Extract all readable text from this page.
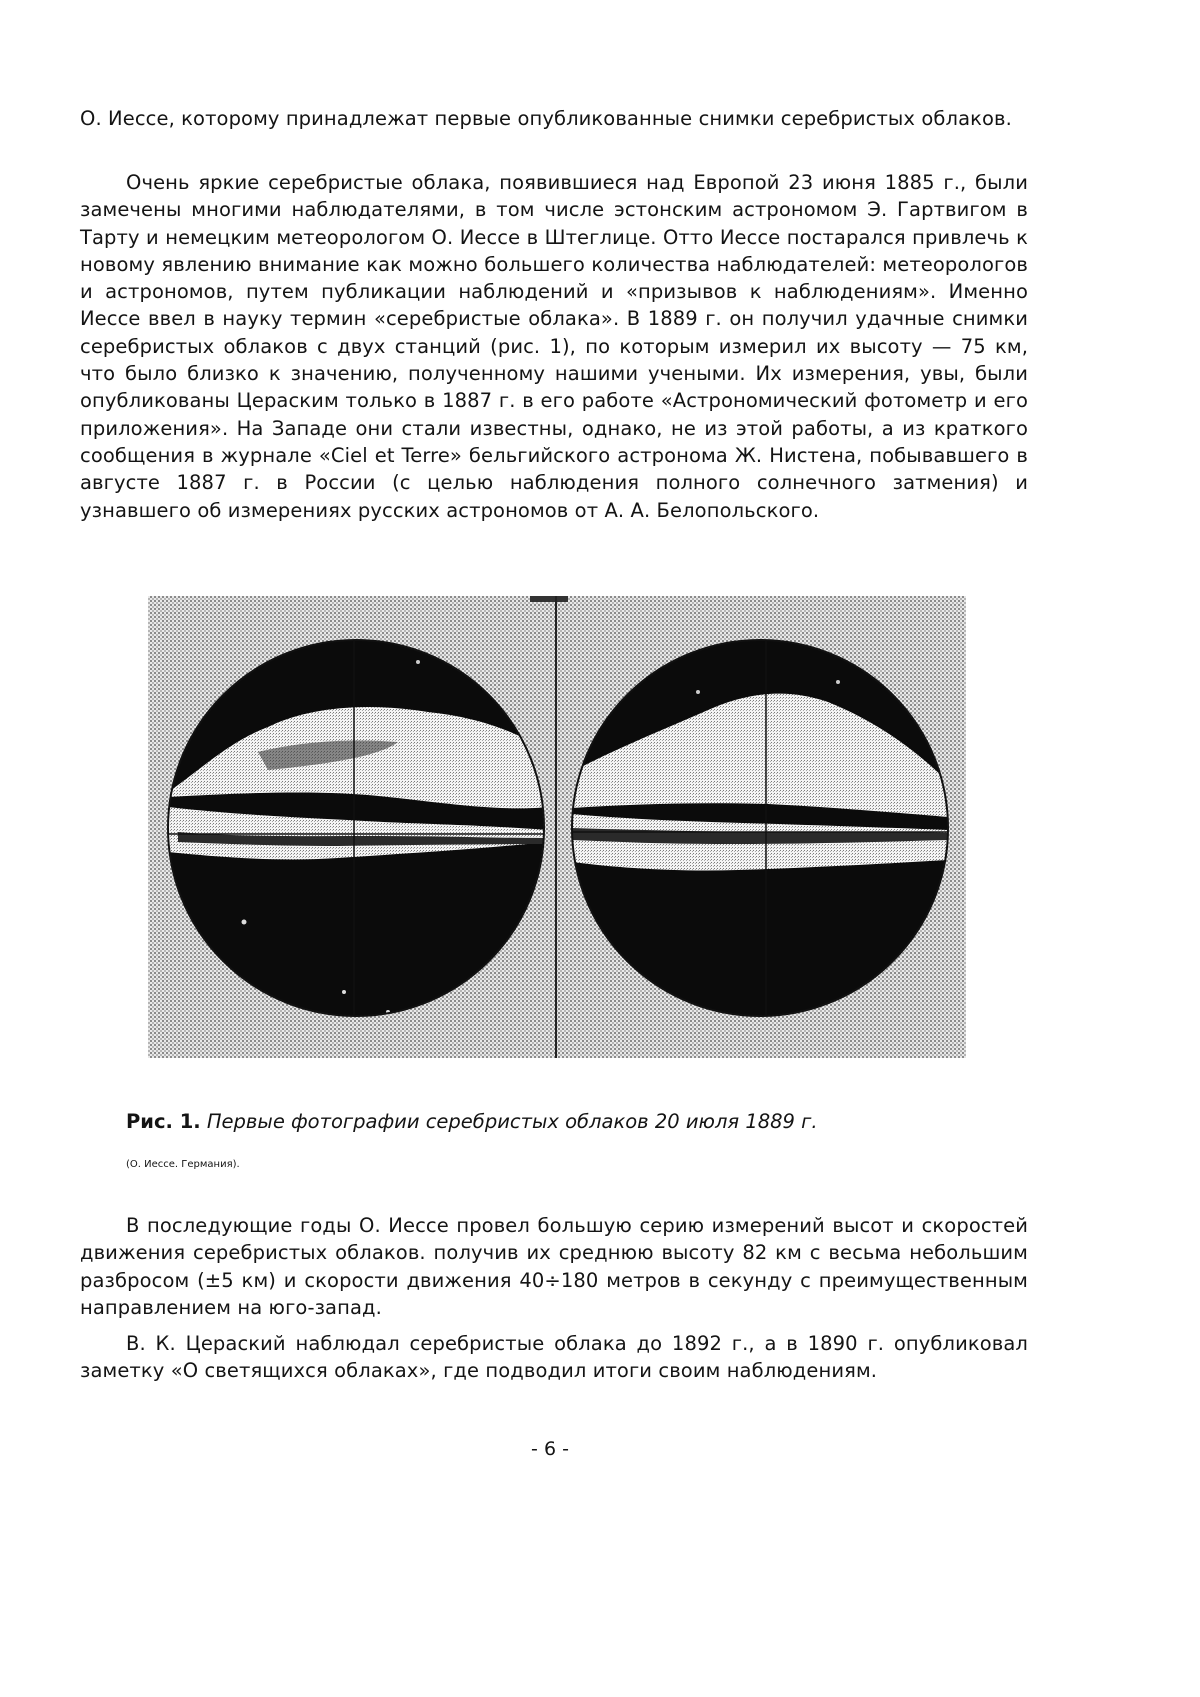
О. Иессе, которому принадлежат первые опубликованные снимки серебристых облаков.

Очень яркие серебристые облака, появившиеся над Европой 23 июня 1885 г., были замечены многими наблюдателями, в том числе эстонским астрономом Э. Гартвигом в Тарту и немецким метеорологом О. Иессе в Штеглице. Отто Иессе постарался привлечь к новому явлению внимание как можно большего количества наблюдателей: метеорологов и астрономов, путем публикации наблюдений и «призывов к наблюдениям». Именно Иессе ввел в науку термин «серебристые облака». В 1889 г. он получил удачные снимки серебристых облаков с двух станций (рис. 1), по которым измерил их высоту — 75 км, что было близко к значению, полученному нашими учеными. Их измерения, увы, были опубликованы Цераским только в 1887 г. в его работе «Астрономический фотометр и его приложения». На Западе они стали известны, однако, не из этой работы, а из краткого сообщения в журнале «Ciel et Terre» бельгийского астронома Ж. Нистена, побывавшего в августе 1887 г. в России (с целью наблюдения полного солнечного затмения) и узнавшего об измерениях русских астрономов от А. А. Белопольского.

Рис. 1. Первые фотографии серебристых облаков 20 июля 1889 г.
(О. Иессе. Германия).

В последующие годы О. Иессе провел большую серию измерений высот и скоростей движения серебристых облаков. получив их среднюю высоту 82 км с весьма небольшим разбросом (±5 км) и скорости движения 40÷180 метров в секунду с преимущественным направлением на юго-запад.

В. К. Цераский наблюдал серебристые облака до 1892 г., а в 1890 г. опубликовал заметку «О светящихся облаках», где подводил итоги своим наблюдениям.

- 6 -
